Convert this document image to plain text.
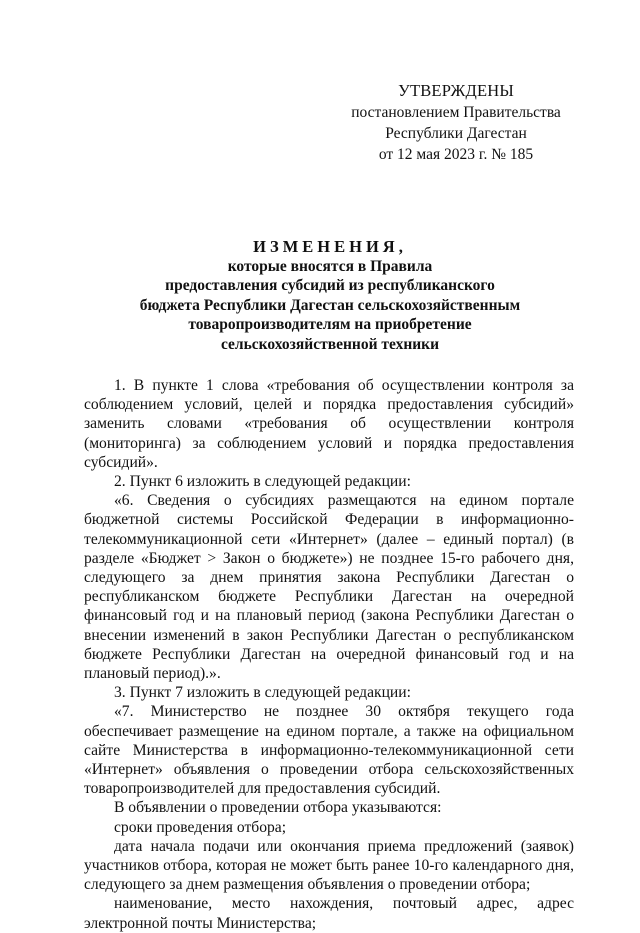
УТВЕРЖДЕНЫ
постановлением Правительства
Республики Дагестан
от 12 мая 2023 г. № 185
ИЗМЕНЕНИЯ,
которые вносятся в Правила
предоставления субсидий из республиканского
бюджета Республики Дагестан сельскохозяйственным
товаропроизводителям на приобретение
сельскохозяйственной техники

1. В пункте 1 слова «требования об осуществлении контроля за соблюдением условий, целей и порядка предоставления субсидий» заменить словами «требования об осуществлении контроля (мониторинга) за соблюдением условий и порядка предоставления субсидий».

2. Пункт 6 изложить в следующей редакции:

«6. Сведения о субсидиях размещаются на едином портале бюджетной системы Российской Федерации в информационно-телекоммуникационной сети «Интернет» (далее – единый портал) (в разделе «Бюджет > Закон о бюджете») не позднее 15-го рабочего дня, следующего за днем принятия закона Республики Дагестан о республиканском бюджете Республики Дагестан на очередной финансовый год и на плановый период (закона Республики Дагестан о внесении изменений в закон Республики Дагестан о республиканском бюджете Республики Дагестан на очередной финансовый год и на плановый период).».

3. Пункт 7 изложить в следующей редакции:

«7. Министерство не позднее 30 октября текущего года обеспечивает размещение на едином портале, а также на официальном сайте Министерства в информационно-телекоммуникационной сети «Интернет» объявления о проведении отбора сельскохозяйственных товаропроизводителей для предоставления субсидий.

В объявлении о проведении отбора указываются:

сроки проведения отбора;

дата начала подачи или окончания приема предложений (заявок) участников отбора, которая не может быть ранее 10-го календарного дня, следующего за днем размещения объявления о проведении отбора;

наименование, место нахождения, почтовый адрес, адрес электронной почты Министерства;
